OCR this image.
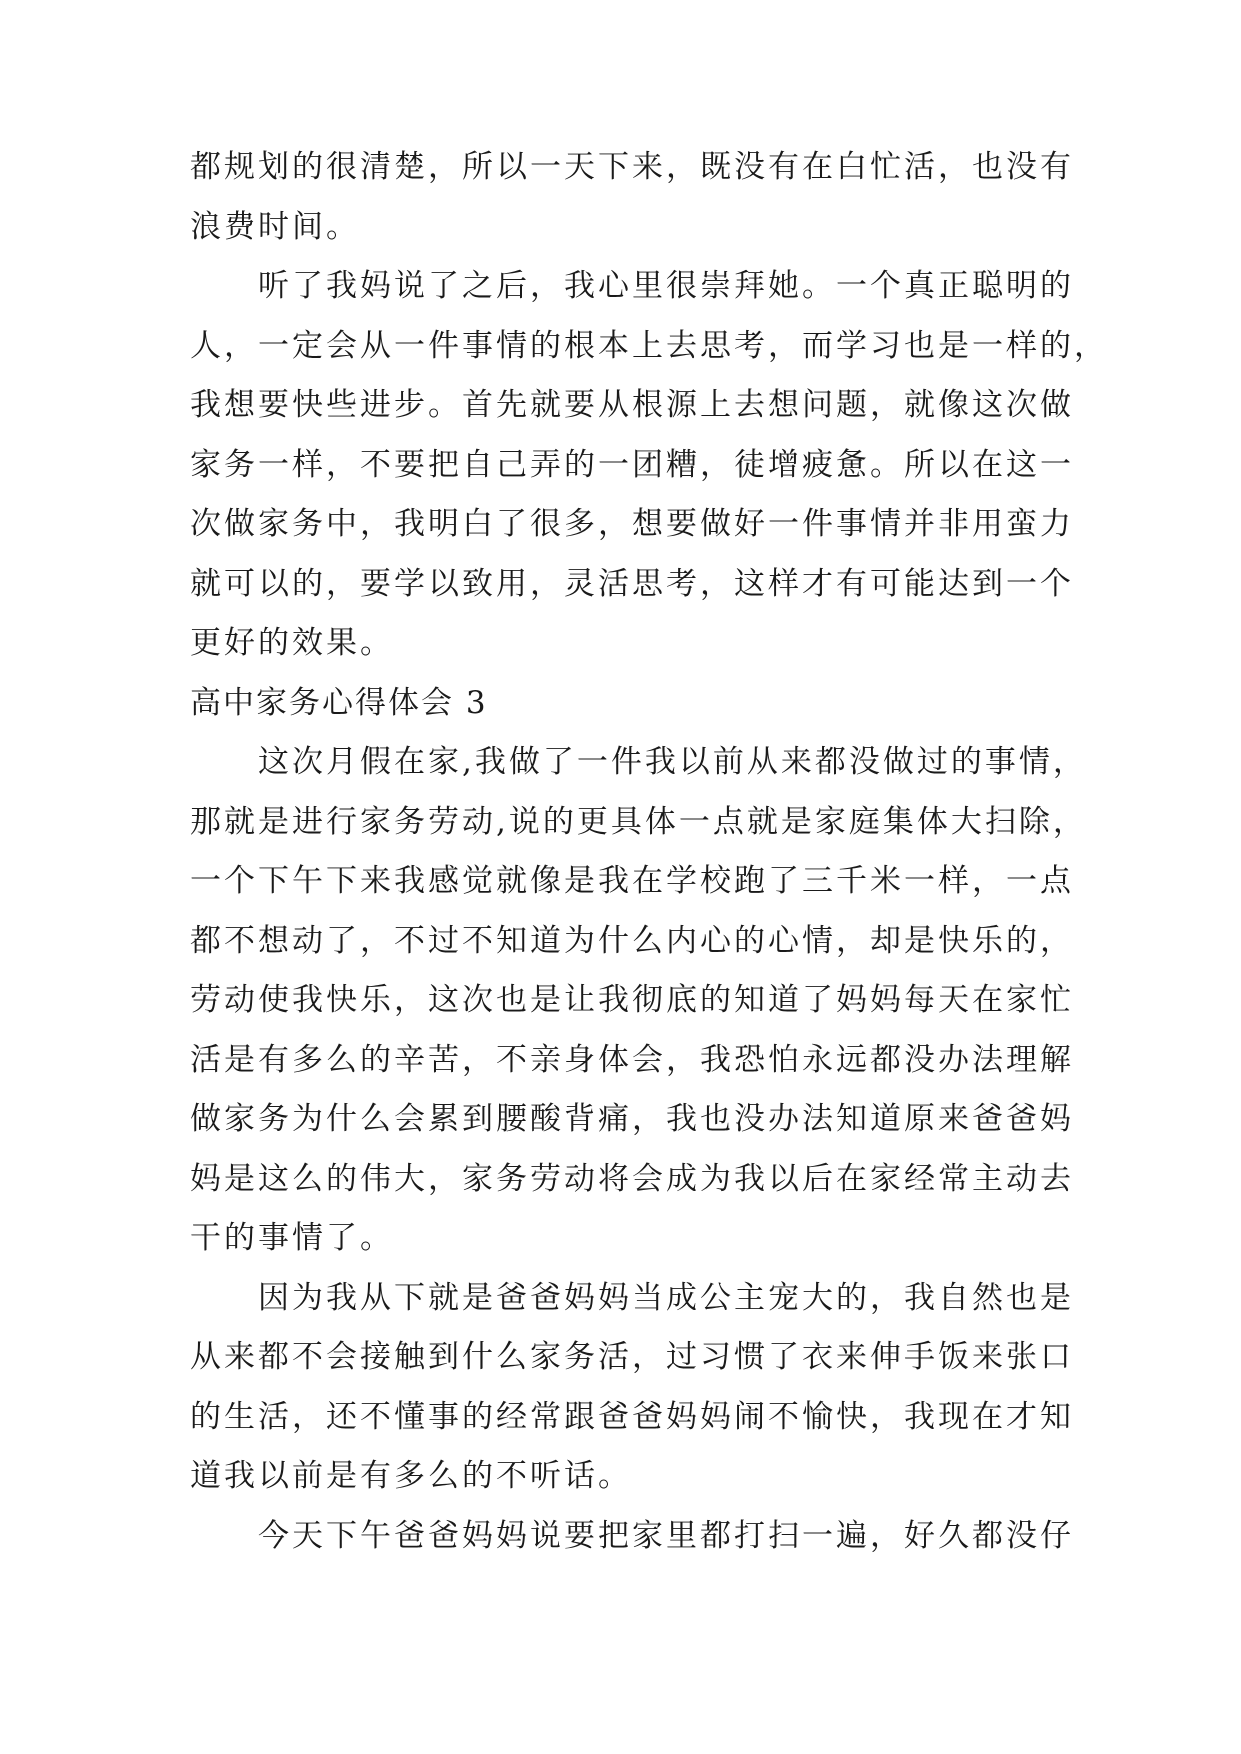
都规划的很清楚，所以一天下来，既没有在白忙活，也没有
浪费时间。
听了我妈说了之后，我心里很崇拜她。一个真正聪明的
人，一定会从一件事情的根本上去思考，而学习也是一样的，
我想要快些进步。首先就要从根源上去想问题，就像这次做
家务一样，不要把自己弄的一团糟，徒增疲惫。所以在这一
次做家务中，我明白了很多，想要做好一件事情并非用蛮力
就可以的，要学以致用，灵活思考，这样才有可能达到一个
更好的效果。
高中家务心得体会 3
这次月假在家,我做了一件我以前从来都没做过的事情，
那就是进行家务劳动,说的更具体一点就是家庭集体大扫除，
一个下午下来我感觉就像是我在学校跑了三千米一样，一点
都不想动了，不过不知道为什么内心的心情，却是快乐的，
劳动使我快乐，这次也是让我彻底的知道了妈妈每天在家忙
活是有多么的辛苦，不亲身体会，我恐怕永远都没办法理解
做家务为什么会累到腰酸背痛，我也没办法知道原来爸爸妈
妈是这么的伟大，家务劳动将会成为我以后在家经常主动去
干的事情了。
因为我从下就是爸爸妈妈当成公主宠大的，我自然也是
从来都不会接触到什么家务活，过习惯了衣来伸手饭来张口
的生活，还不懂事的经常跟爸爸妈妈闹不愉快，我现在才知
道我以前是有多么的不听话。
今天下午爸爸妈妈说要把家里都打扫一遍，好久都没仔
